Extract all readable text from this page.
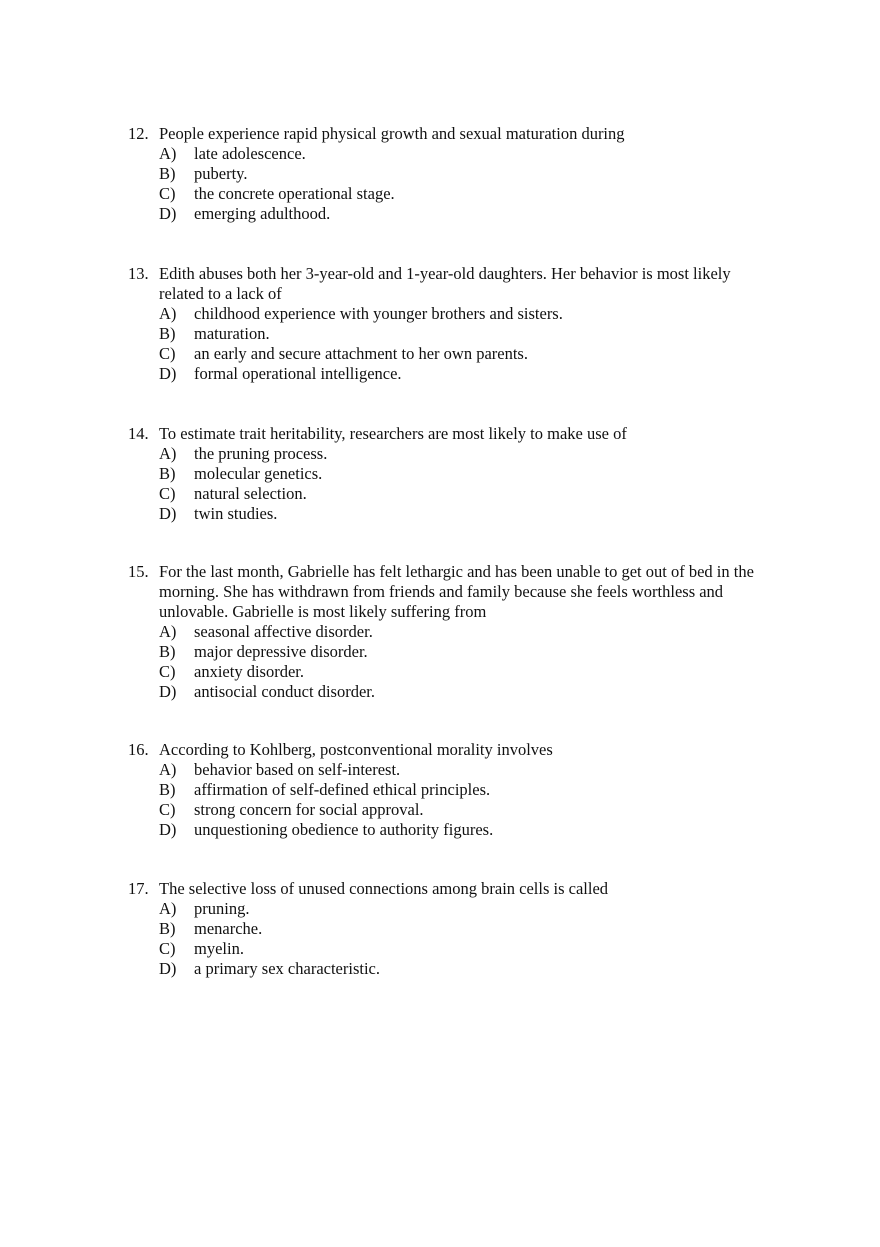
12. People experience rapid physical growth and sexual maturation during
A)	late adolescence.
B)	puberty.
C)	the concrete operational stage.
D)	emerging adulthood.
13. Edith abuses both her 3-year-old and 1-year-old daughters. Her behavior is most likely related to a lack of
A)	childhood experience with younger brothers and sisters.
B)	maturation.
C)	an early and secure attachment to her own parents.
D)	formal operational intelligence.
14. To estimate trait heritability, researchers are most likely to make use of
A)	the pruning process.
B)	molecular genetics.
C)	natural selection.
D)	twin studies.
15. For the last month, Gabrielle has felt lethargic and has been unable to get out of bed in the morning. She has withdrawn from friends and family because she feels worthless and unlovable. Gabrielle is most likely suffering from
A)	seasonal affective disorder.
B)	major depressive disorder.
C)	anxiety disorder.
D)	antisocial conduct disorder.
16. According to Kohlberg, postconventional morality involves
A)	behavior based on self-interest.
B)	affirmation of self-defined ethical principles.
C)	strong concern for social approval.
D)	unquestioning obedience to authority figures.
17. The selective loss of unused connections among brain cells is called
A)	pruning.
B)	menarche.
C)	myelin.
D)	a primary sex characteristic.
